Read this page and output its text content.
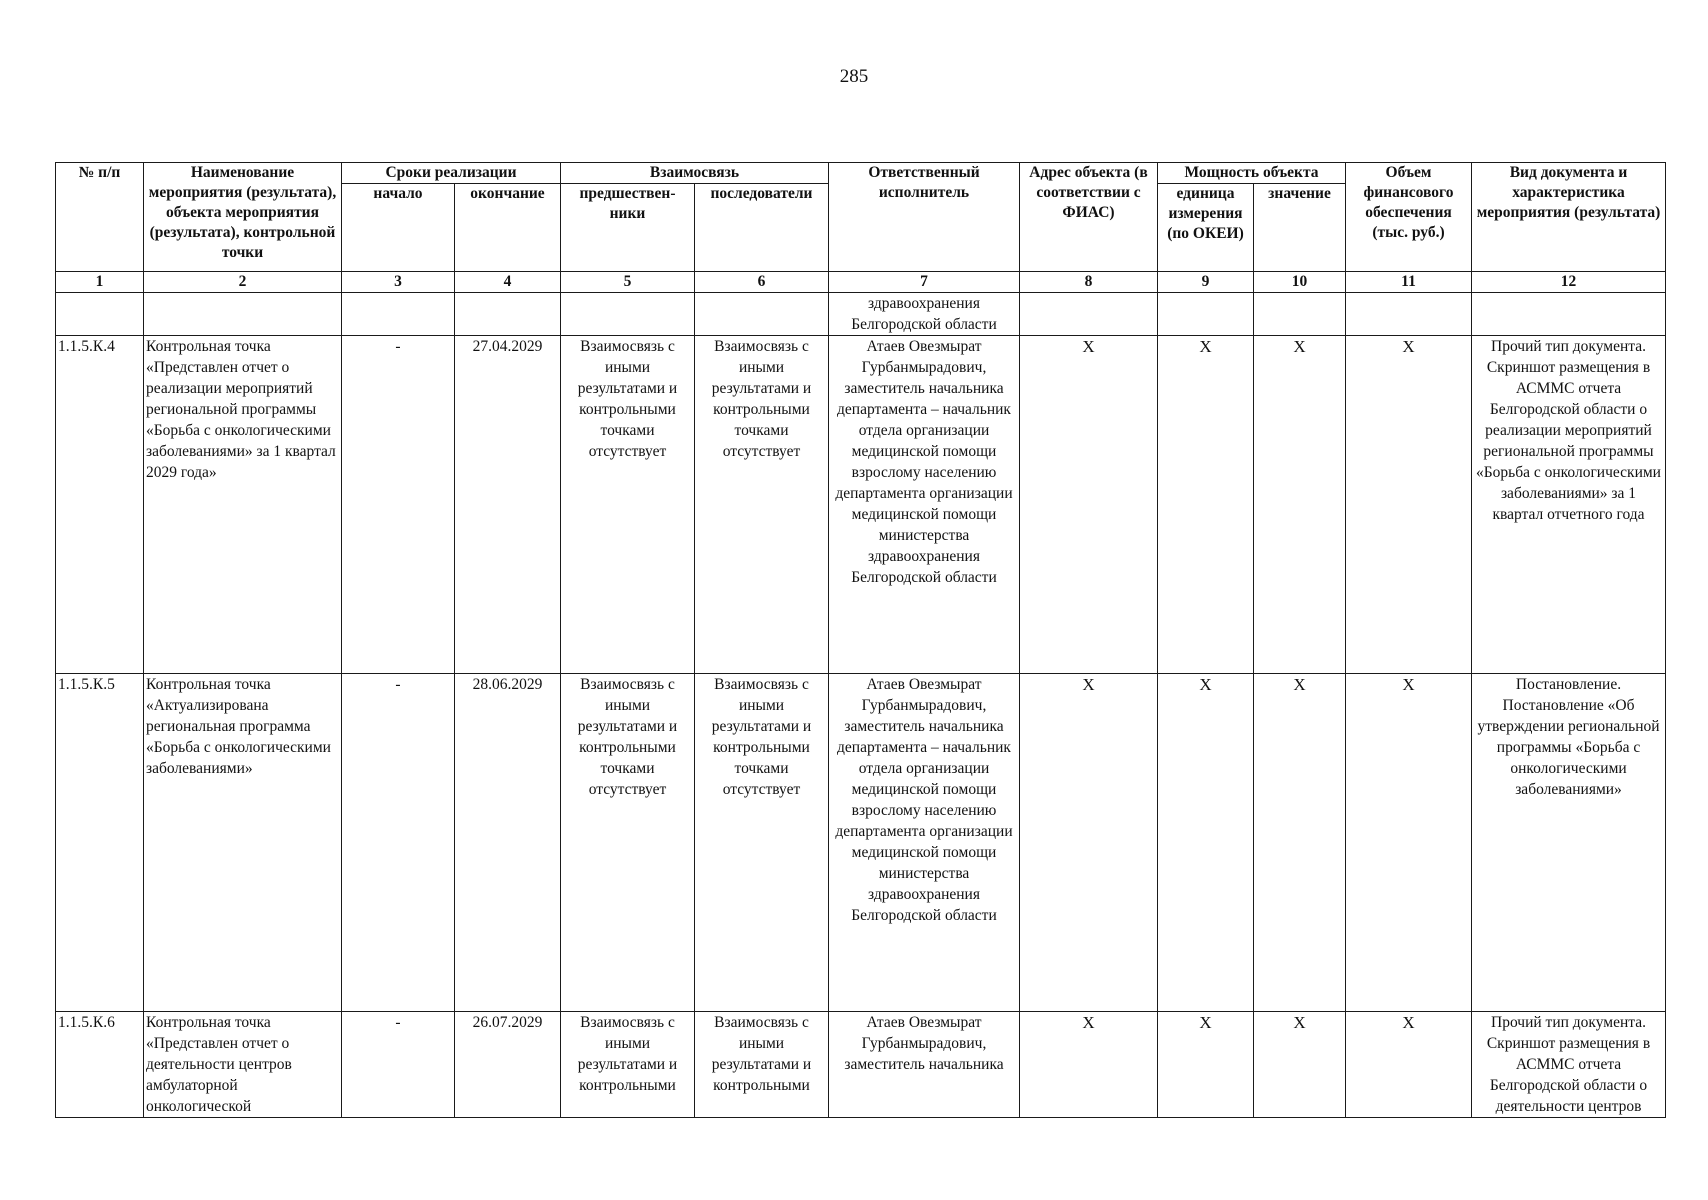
285
№ п/п	Наименование мероприятия (результата), объекта мероприятия (результата), контрольной точки	Сроки реализации		Взаимосвязь		Ответственный исполнитель	Адрес объекта (в соответствии с ФИАС)	Мощность объекта		Объем финансового обеспечения (тыс. руб.)	Вид документа и характеристика мероприятия (результата)
		начало	окончание	предшествен-ники	последователи			единица измерения (по ОКЕИ)	значение		
1	2	3	4	5	6	7	8	9	10	11	12
						здравоохранения Белгородской области					
1.1.5.К.4	Контрольная точка «Представлен отчет о реализации мероприятий региональной программы «Борьба с онкологическими заболеваниями» за 1 квартал 2029 года»	-	27.04.2029	Взаимосвязь с иными результатами и контрольными точками отсутствует	Взаимосвязь с иными результатами и контрольными точками отсутствует	Атаев Овезмырат Гурбанмырадович, заместитель начальника департамента – начальник отдела организации медицинской помощи взрослому населению департамента организации медицинской помощи министерства здравоохранения Белгородской области	Х	Х	Х	Х	Прочий тип документа. Скриншот размещения в АСММС отчета Белгородской области о реализации мероприятий региональной программы «Борьба с онкологическими заболеваниями» за 1 квартал отчетного года
1.1.5.К.5	Контрольная точка «Актуализирована региональная программа «Борьба с онкологическими заболеваниями»	-	28.06.2029	Взаимосвязь с иными результатами и контрольными точками отсутствует	Взаимосвязь с иными результатами и контрольными точками отсутствует	Атаев Овезмырат Гурбанмырадович, заместитель начальника департамента – начальник отдела организации медицинской помощи взрослому населению департамента организации медицинской помощи министерства здравоохранения Белгородской области	Х	Х	Х	Х	Постановление. Постановление «Об утверждении региональной программы «Борьба с онкологическими заболеваниями»
1.1.5.К.6	Контрольная точка «Представлен отчет о деятельности центров амбулаторной онкологической	-	26.07.2029	Взаимосвязь с иными результатами и контрольными	Взаимосвязь с иными результатами и контрольными	Атаев Овезмырат Гурбанмырадович, заместитель начальника	Х	Х	Х	Х	Прочий тип документа. Скриншот размещения в АСММС отчета Белгородской области о деятельности центров
